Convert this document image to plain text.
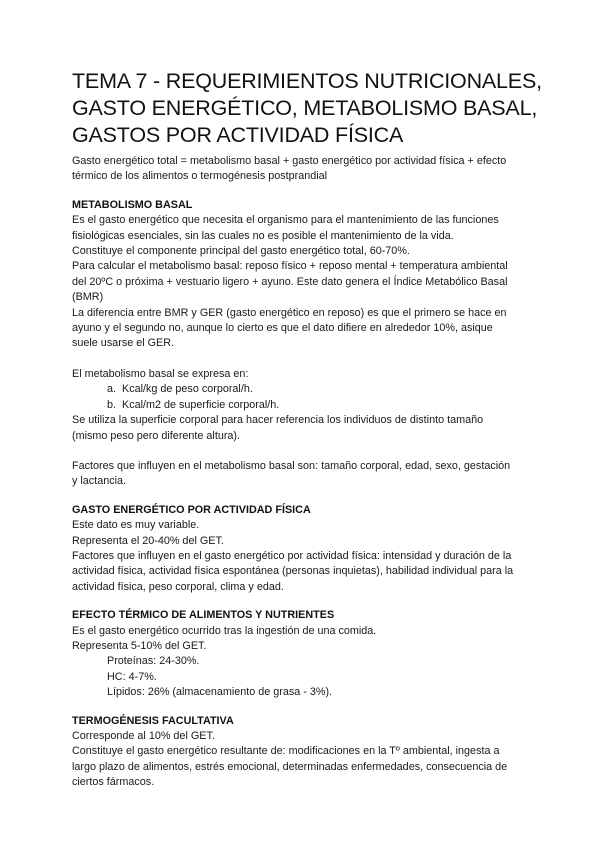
TEMA 7 - REQUERIMIENTOS NUTRICIONALES,
GASTO ENERGÉTICO, METABOLISMO BASAL,
GASTOS POR ACTIVIDAD FÍSICA
Gasto energético total = metabolismo basal + gasto energético por actividad física + efecto
térmico de los alimentos o termogénesis postprandial
METABOLISMO BASAL
Es el gasto energético que necesita el organismo para el mantenimiento de las funciones
fisiológicas esenciales, sin las cuales no es posible el mantenimiento de la vida.
Constituye el componente principal del gasto energético total, 60-70%.
Para calcular el metabolismo basal: reposo físico + reposo mental + temperatura ambiental
del 20ºC o próxima + vestuario ligero + ayuno. Este dato genera el Índice Metabólico Basal
(BMR)
La diferencia entre BMR y GER (gasto energético en reposo) es que el primero se hace en
ayuno y el segundo no, aunque lo cierto es que el dato difiere en alrededor 10%, asique
suele usarse el GER.
El metabolismo basal se expresa en:
a. Kcal/kg de peso corporal/h.
b. Kcal/m2 de superficie corporal/h.
Se utiliza la superficie corporal para hacer referencia los individuos de distinto tamaño
(mismo peso pero diferente altura).
Factores que influyen en el metabolismo basal son: tamaño corporal, edad, sexo, gestación
y lactancia.
GASTO ENERGÉTICO POR ACTIVIDAD FÍSICA
Este dato es muy variable.
Representa el 20-40% del GET.
Factores que influyen en el gasto energético por actividad física: intensidad y duración de la
actividad física, actividad física espontánea (personas inquietas), habilidad individual para la
actividad física, peso corporal, clima y edad.
EFECTO TÉRMICO DE ALIMENTOS Y NUTRIENTES
Es el gasto energético ocurrido tras la ingestión de una comida.
Representa 5-10% del GET.
Proteínas: 24-30%.
HC: 4-7%.
Lípidos: 26% (almacenamiento de grasa - 3%).
TERMOGÉNESIS FACULTATIVA
Corresponde al 10% del GET.
Constituye el gasto energético resultante de: modificaciones en la Tº ambiental, ingesta a
largo plazo de alimentos, estrés emocional, determinadas enfermedades, consecuencia de
ciertos fármacos.
